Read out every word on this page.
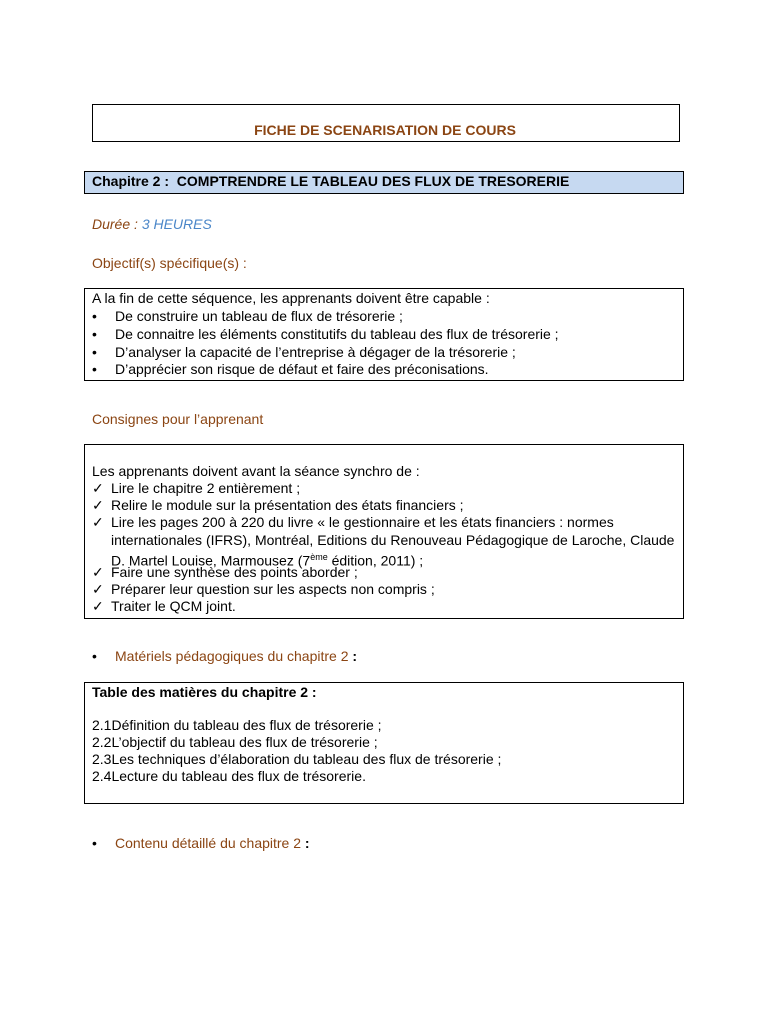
FICHE DE SCENARISATION DE COURS
Chapitre 2 :  COMPTRENDRE LE TABLEAU DES FLUX DE TRESORERIE
Durée : 3 HEURES
Objectif(s) spécifique(s) :
A la fin de cette séquence, les apprenants doivent être capable :
• De construire un tableau de flux de trésorerie ;
• De connaitre les éléments constitutifs du tableau des flux de trésorerie ;
• D’analyser la capacité de l’entreprise à dégager de la trésorerie ;
• D’apprécier son risque de défaut et faire des préconisations.
Consignes pour l’apprenant
Les apprenants doivent avant la séance synchro de :
✓ Lire le chapitre 2 entièrement ;
✓ Relire le module sur la présentation des états financiers ;
✓ Lire les pages 200 à 220 du livre « le gestionnaire et les états financiers : normes internationales (IFRS), Montréal, Editions du Renouveau Pédagogique de Laroche, Claude D. Martel Louise, Marmousez (7ème édition, 2011) ;
✓ Faire une synthèse des points aborder ;
✓ Préparer leur question sur les aspects non compris ;
✓ Traiter le QCM joint.
• Matériels pédagogiques du chapitre 2 :
Table des matières du chapitre 2 :
2.1Définition du tableau des flux de trésorerie ;
2.2L’objectif du tableau des flux de trésorerie ;
2.3Les techniques d’élaboration du tableau des flux de trésorerie ;
2.4Lecture du tableau des flux de trésorerie.
• Contenu détaillé du chapitre 2 :
